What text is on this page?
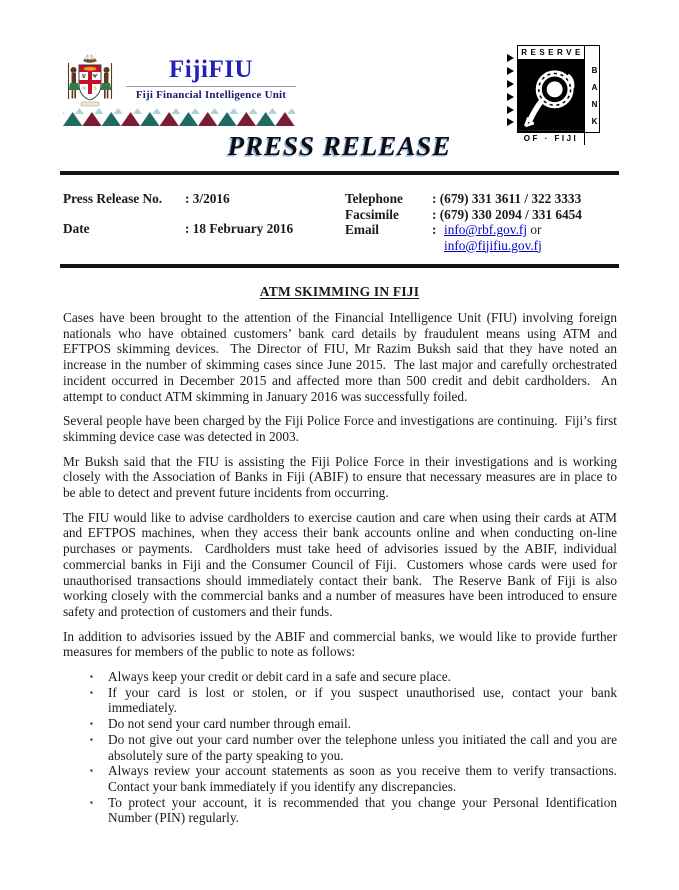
FijiFIU
Fiji Financial Intelligence Unit
RESERVE
BANK
OF · FIJI
PRESS RELEASE
Press Release No.	: 3/2016
Date	: 18 February 2016
Telephone	: (679) 331 3611 / 322 3333
Facsimile	: (679) 330 2094 / 331 6454
Email	: info@rbf.gov.fj or
info@fijifiu.gov.fj
ATM SKIMMING IN FIJI

Cases have been brought to the attention of the Financial Intelligence Unit (FIU) involving foreign nationals who have obtained customers’ bank card details by fraudulent means using ATM and EFTPOS skimming devices.  The Director of FIU, Mr Razim Buksh said that they have noted an increase in the number of skimming cases since June 2015.  The last major and carefully orchestrated incident occurred in December 2015 and affected more than 500 credit and debit cardholders.  An attempt to conduct ATM skimming in January 2016 was successfully foiled.

Several people have been charged by the Fiji Police Force and investigations are continuing.  Fiji’s first skimming device case was detected in 2003.

Mr Buksh said that the FIU is assisting the Fiji Police Force in their investigations and is working closely with the Association of Banks in Fiji (ABIF) to ensure that necessary measures are in place to be able to detect and prevent future incidents from occurring.

The FIU would like to advise cardholders to exercise caution and care when using their cards at ATM and EFTPOS machines, when they access their bank accounts online and when conducting on-line purchases or payments.  Cardholders must take heed of advisories issued by the ABIF, individual commercial banks in Fiji and the Consumer Council of Fiji.  Customers whose cards were used for unauthorised transactions should immediately contact their bank.  The Reserve Bank of Fiji is also working closely with the commercial banks and a number of measures have been introduced to ensure safety and protection of customers and their funds.

In addition to advisories issued by the ABIF and commercial banks, we would like to provide further measures for members of the public to note as follows:

▪	Always keep your credit or debit card in a safe and secure place.
▪	If your card is lost or stolen, or if you suspect unauthorised use, contact your bank immediately.
▪	Do not send your card number through email.
▪	Do not give out your card number over the telephone unless you initiated the call and you are absolutely sure of the party speaking to you.
▪	Always review your account statements as soon as you receive them to verify transactions.  Contact your bank immediately if you identify any discrepancies.
▪	To protect your account, it is recommended that you change your Personal Identification Number (PIN) regularly.
